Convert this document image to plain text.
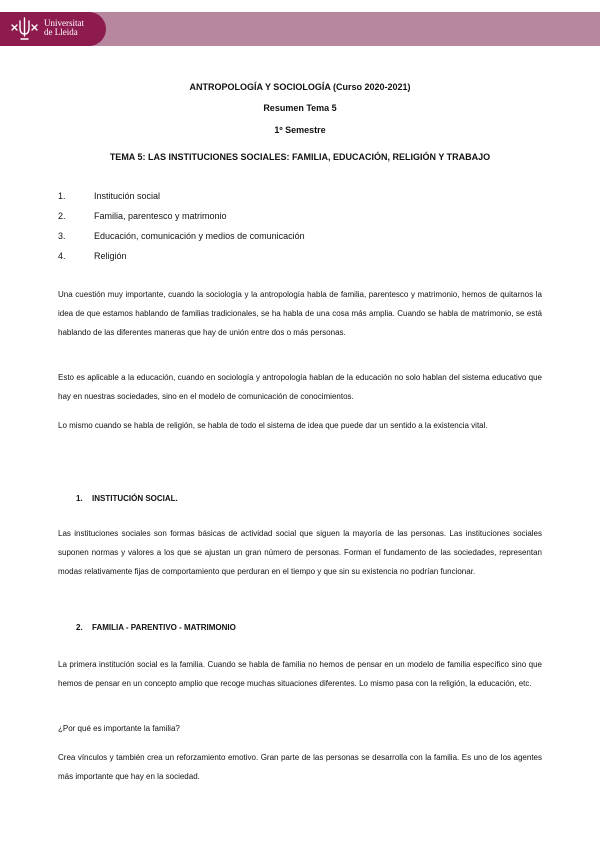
Universitat
de Lleida
ANTROPOLOGÍA Y SOCIOLOGÍA (Curso 2020-2021)
Resumen Tema 5
1º Semestre
TEMA 5: LAS INSTITUCIONES SOCIALES: FAMILIA, EDUCACIÓN, RELIGIÓN Y TRABAJO
1.	Institución social
2.	Familia, parentesco y matrimonio
3.	Educación, comunicación y medios de comunicación
4.	Religión

Una cuestión muy importante, cuando la sociología y la antropología habla de familia, parentesco y matrimonio, hemos de quitarnos la idea de que estamos hablando de familias tradicionales, se ha habla de una cosa más amplia. Cuando se habla de matrimonio, se está hablando de las diferentes maneras que hay de unión entre dos o más personas.

Esto es aplicable a la educación, cuando en sociología y antropología hablan de la educación no solo hablan del sistema educativo que hay en nuestras sociedades, sino en el modelo de comunicación de conocimientos.

Lo mismo cuando se habla de religión, se habla de todo el sistema de idea que puede dar un sentido a la existencia vital.

1. INSTITUCIÓN SOCIAL.

Las instituciones sociales son formas básicas de actividad social que siguen la mayoría de las personas. Las instituciones sociales suponen normas y valores a los que se ajustan un gran número de personas. Forman el fundamento de las sociedades, representan modas relativamente fijas de comportamiento que perduran en el tiempo y que sin su existencia no podrían funcionar.

2. FAMILIA - PARENTIVO - MATRIMONIO

La primera institución social es la familia. Cuando se habla de familia no hemos de pensar en un modelo de familia específico sino que hemos de pensar en un concepto amplio que recoge muchas situaciones diferentes. Lo mismo pasa con la religión, la educación, etc.

¿Por qué es importante la familia?

Crea vínculos y también crea un reforzamiento emotivo. Gran parte de las personas se desarrolla con la familia. Es uno de los agentes más importante que hay en la sociedad.
